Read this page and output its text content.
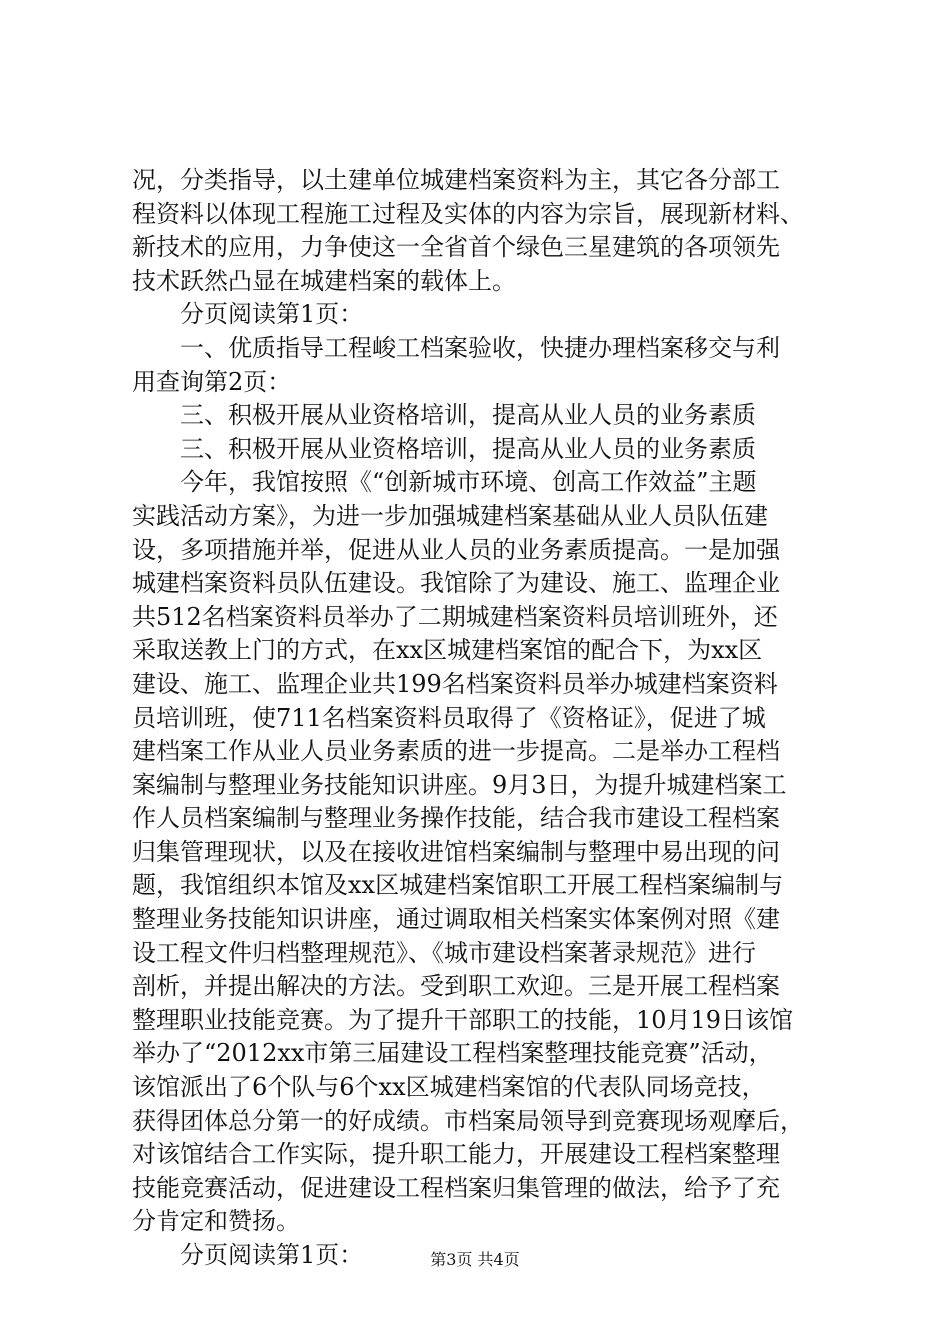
况，分类指导，以土建单位城建档案资料为主，其它各分部工
程资料以体现工程施工过程及实体的内容为宗旨，展现新材料、
新技术的应用，力争使这一全省首个绿色三星建筑的各项领先
技术跃然凸显在城建档案的载体上。
分页阅读第1页：
一、优质指导工程峻工档案验收，快捷办理档案移交与利
用查询第2页：
三、积极开展从业资格培训，提高从业人员的业务素质
三、积极开展从业资格培训，提高从业人员的业务素质
今年，我馆按照《“创新城市环境、创高工作效益”主题
实践活动方案》，为进一步加强城建档案基础从业人员队伍建
设，多项措施并举，促进从业人员的业务素质提高。一是加强
城建档案资料员队伍建设。我馆除了为建设、施工、监理企业
共512名档案资料员举办了二期城建档案资料员培训班外，还
采取送教上门的方式，在xx区城建档案馆的配合下，为xx区
建设、施工、监理企业共199名档案资料员举办城建档案资料
员培训班，使711名档案资料员取得了《资格证》，促进了城
建档案工作从业人员业务素质的进一步提高。二是举办工程档
案编制与整理业务技能知识讲座。9月3日，为提升城建档案工
作人员档案编制与整理业务操作技能，结合我市建设工程档案
归集管理现状，以及在接收进馆档案编制与整理中易出现的问
题，我馆组织本馆及xx区城建档案馆职工开展工程档案编制与
整理业务技能知识讲座，通过调取相关档案实体案例对照《建
设工程文件归档整理规范》、《城市建设档案著录规范》进行
剖析，并提出解决的方法。受到职工欢迎。三是开展工程档案
整理职业技能竞赛。为了提升干部职工的技能，10月19日该馆
举办了“2012xx市第三届建设工程档案整理技能竞赛”活动，
该馆派出了6个队与6个xx区城建档案馆的代表队同场竞技，
获得团体总分第一的好成绩。市档案局领导到竞赛现场观摩后，
对该馆结合工作实际，提升职工能力，开展建设工程档案整理
技能竞赛活动，促进建设工程档案归集管理的做法，给予了充
分肯定和赞扬。
分页阅读第1页：	第3页 共4页
